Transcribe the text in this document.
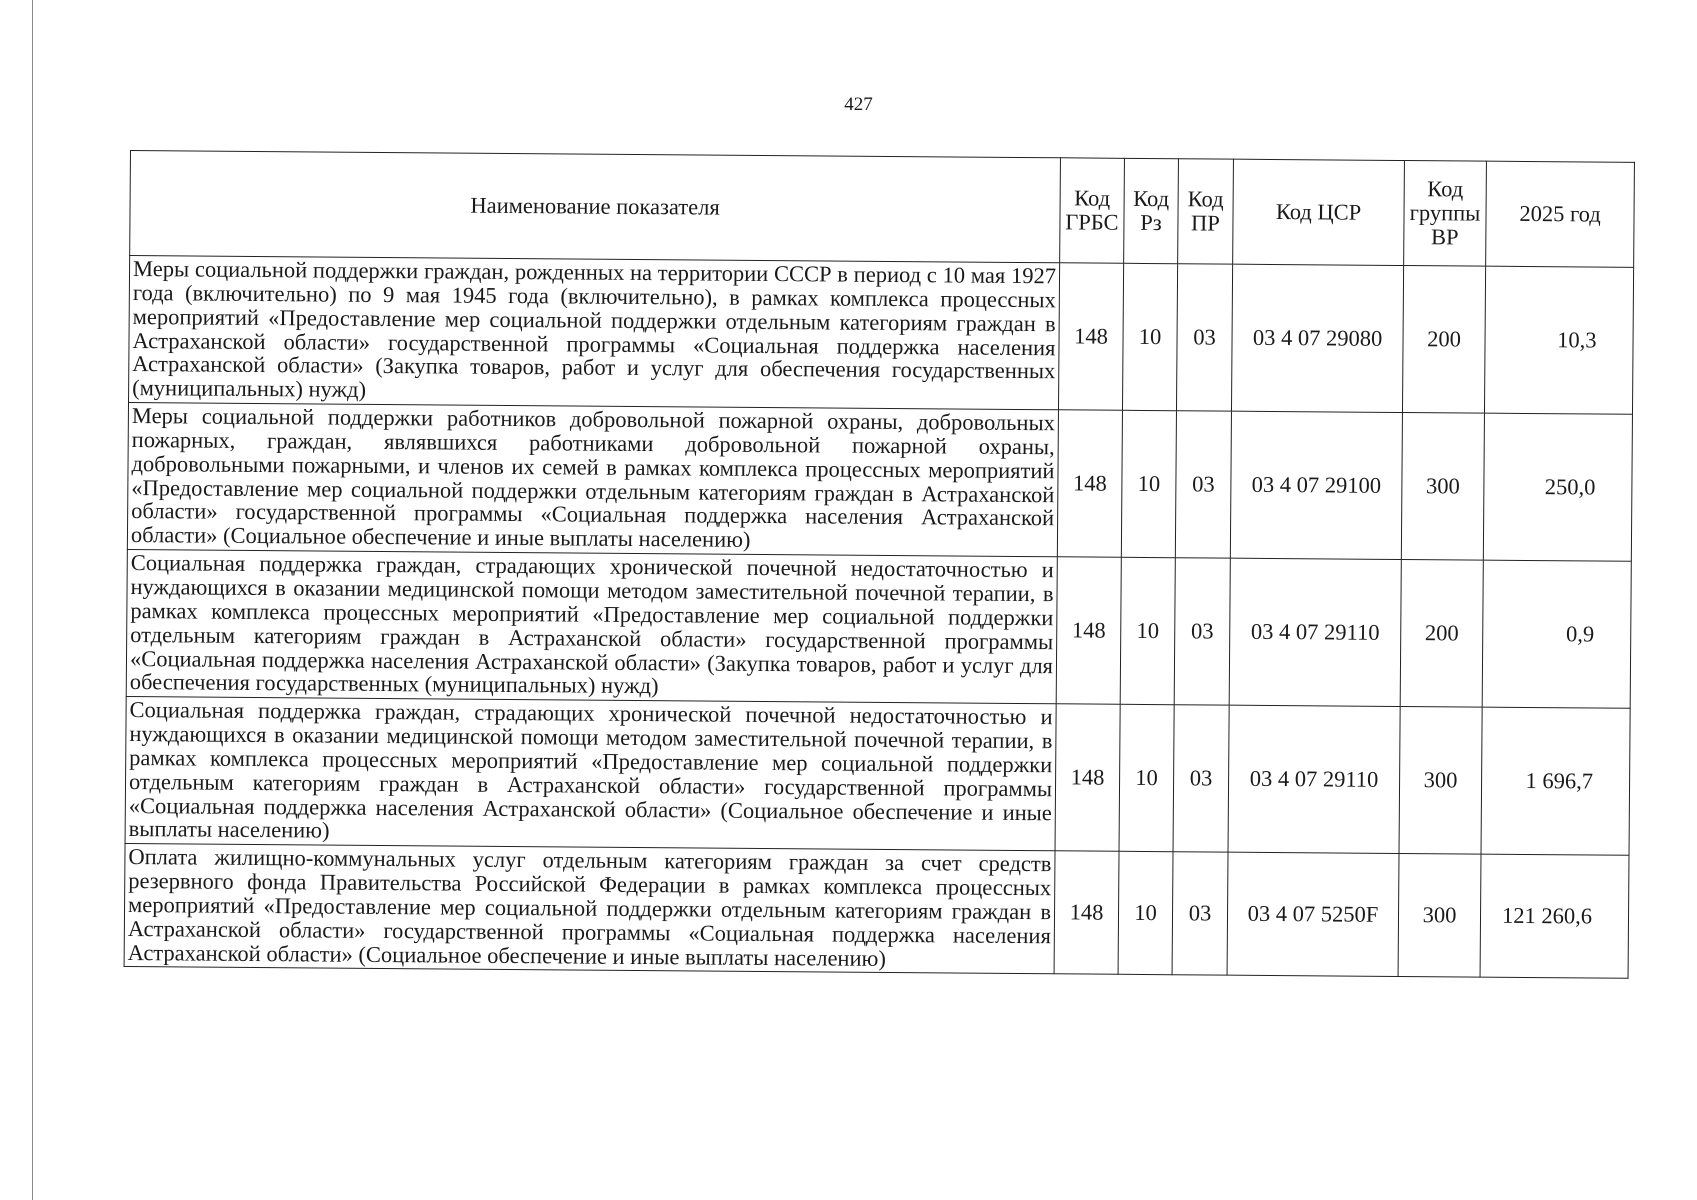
427
Наименование показателя	Код ГРБС	Код Рз	Код ПР	Код ЦСР	Код группы ВР	2025 год
Меры социальной поддержки граждан, рожденных на территории СССР в период с 10 мая 1927 года (включительно) по 9 мая 1945 года (включительно), в рамках комплекса процессных мероприятий «Предоставление мер социальной поддержки отдельным категориям граждан в Астраханской области» государственной программы «Социальная поддержка населения Астраханской области» (Закупка товаров, работ и услуг для обеспечения государственных (муниципальных) нужд)	148	10	03	03 4 07 29080	200	10,3
Меры социальной поддержки работников добровольной пожарной охраны, добровольных пожарных, граждан, являвшихся работниками добровольной пожарной охраны, добровольными пожарными, и членов их семей в рамках комплекса процессных мероприятий «Предоставление мер социальной поддержки отдельным категориям граждан в Астраханской области» государственной программы «Социальная поддержка населения Астраханской области» (Социальное обеспечение и иные выплаты населению)	148	10	03	03 4 07 29100	300	250,0
Социальная поддержка граждан, страдающих хронической почечной недостаточностью и нуждающихся в оказании медицинской помощи методом заместительной почечной терапии, в рамках комплекса процессных мероприятий «Предоставление мер социальной поддержки отдельным категориям граждан в Астраханской области» государственной программы «Социальная поддержка населения Астраханской области» (Закупка товаров, работ и услуг для обеспечения государственных (муниципальных) нужд)	148	10	03	03 4 07 29110	200	0,9
Социальная поддержка граждан, страдающих хронической почечной недостаточностью и нуждающихся в оказании медицинской помощи методом заместительной почечной терапии, в рамках комплекса процессных мероприятий «Предоставление мер социальной поддержки отдельным категориям граждан в Астраханской области» государственной программы «Социальная поддержка населения Астраханской области» (Социальное обеспечение и иные выплаты населению)	148	10	03	03 4 07 29110	300	1 696,7
Оплата жилищно-коммунальных услуг отдельным категориям граждан за счет средств резервного фонда Правительства Российской Федерации в рамках комплекса процессных мероприятий «Предоставление мер социальной поддержки отдельным категориям граждан в Астраханской области» государственной программы «Социальная поддержка населения Астраханской области» (Социальное обеспечение и иные выплаты населению)	148	10	03	03 4 07 5250F	300	121 260,6
